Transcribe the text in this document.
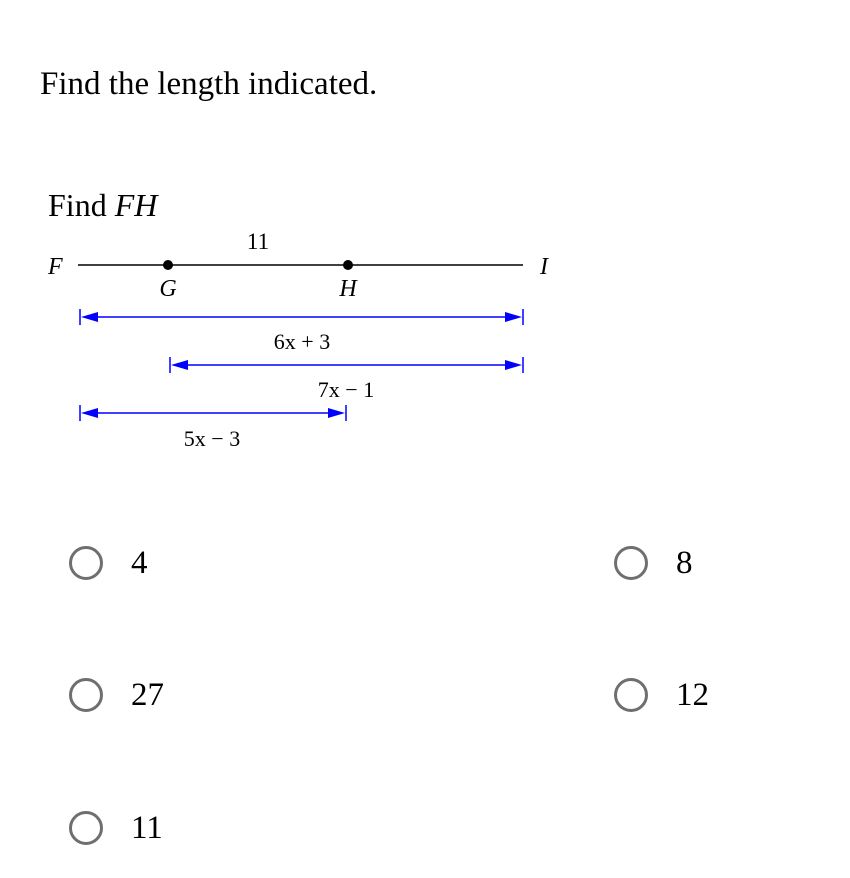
Find the length indicated.
Find FH
F	I
G	H
11
6x + 3
7x − 1
5x − 3
4	8
27	12
11
